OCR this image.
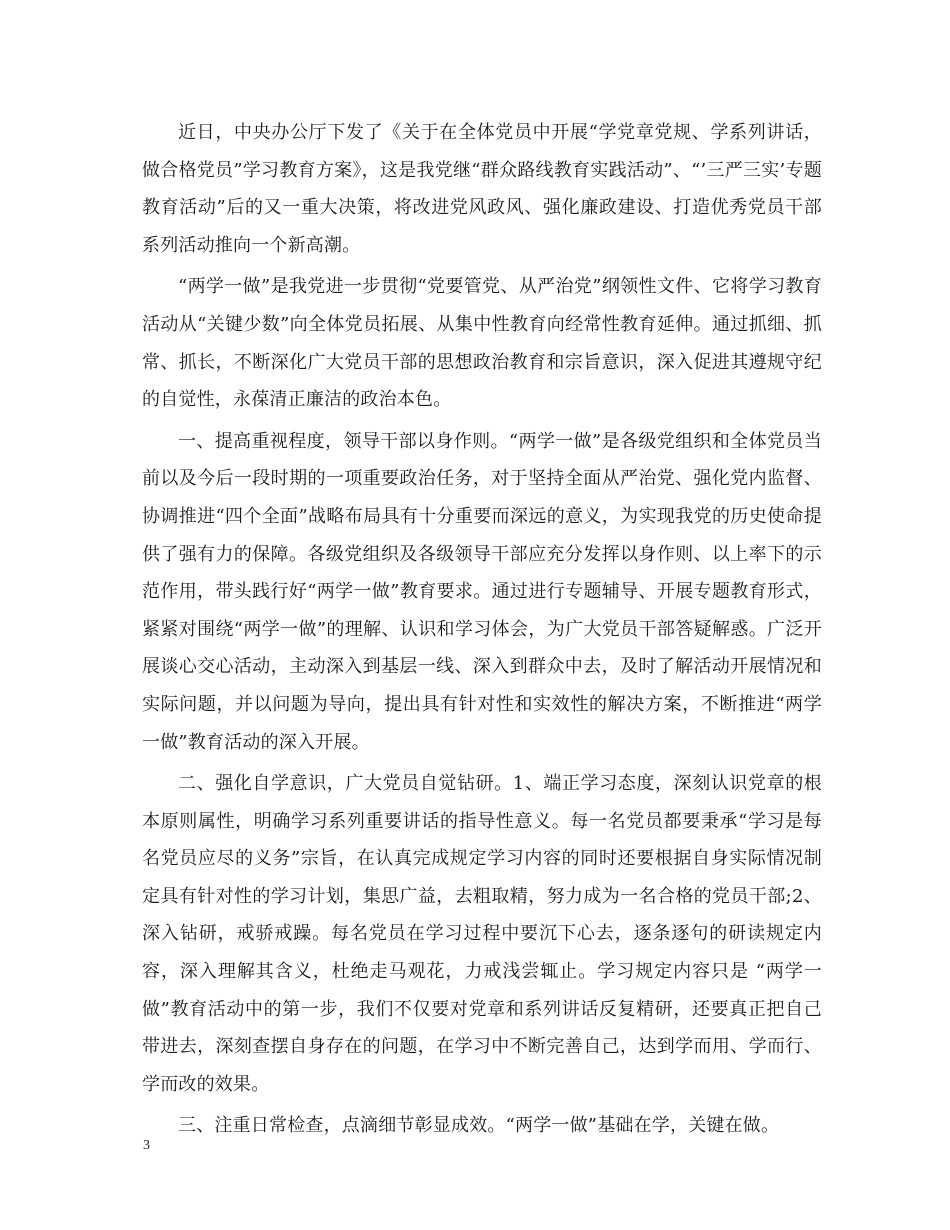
近日，中央办公厅下发了《关于在全体党员中开展“学党章党规、学系列讲话，做合格党员”学习教育方案》，这是我党继“群众路线教育实践活动”、“’三严三实’专题教育活动”后的又一重大决策，将改进党风政风、强化廉政建设、打造优秀党员干部系列活动推向一个新高潮。

“两学一做”是我党进一步贯彻“党要管党、从严治党”纲领性文件、它将学习教育活动从“关键少数”向全体党员拓展、从集中性教育向经常性教育延伸。通过抓细、抓常、抓长，不断深化广大党员干部的思想政治教育和宗旨意识，深入促进其遵规守纪的自觉性，永葆清正廉洁的政治本色。

一、提高重视程度，领导干部以身作则。“两学一做”是各级党组织和全体党员当前以及今后一段时期的一项重要政治任务，对于坚持全面从严治党、强化党内监督、协调推进“四个全面”战略布局具有十分重要而深远的意义，为实现我党的历史使命提供了强有力的保障。各级党组织及各级领导干部应充分发挥以身作则、以上率下的示范作用，带头践行好“两学一做”教育要求。通过进行专题辅导、开展专题教育形式，紧紧对围绕“两学一做”的理解、认识和学习体会，为广大党员干部答疑解惑。广泛开展谈心交心活动，主动深入到基层一线、深入到群众中去，及时了解活动开展情况和实际问题，并以问题为导向，提出具有针对性和实效性的解决方案，不断推进“两学一做”教育活动的深入开展。

二、强化自学意识，广大党员自觉钻研。1、端正学习态度，深刻认识党章的根本原则属性，明确学习系列重要讲话的指导性意义。每一名党员都要秉承“学习是每名党员应尽的义务”宗旨，在认真完成规定学习内容的同时还要根据自身实际情况制定具有针对性的学习计划，集思广益，去粗取精，努力成为一名合格的党员干部;2、深入钻研，戒骄戒躁。每名党员在学习过程中要沉下心去，逐条逐句的研读规定内容，深入理解其含义，杜绝走马观花，力戒浅尝辄止。学习规定内容只是 “两学一做”教育活动中的第一步，我们不仅要对党章和系列讲话反复精研，还要真正把自己带进去，深刻查摆自身存在的问题，在学习中不断完善自己，达到学而用、学而行、学而改的效果。

三、注重日常检查，点滴细节彰显成效。“两学一做”基础在学，关键在做。

3
